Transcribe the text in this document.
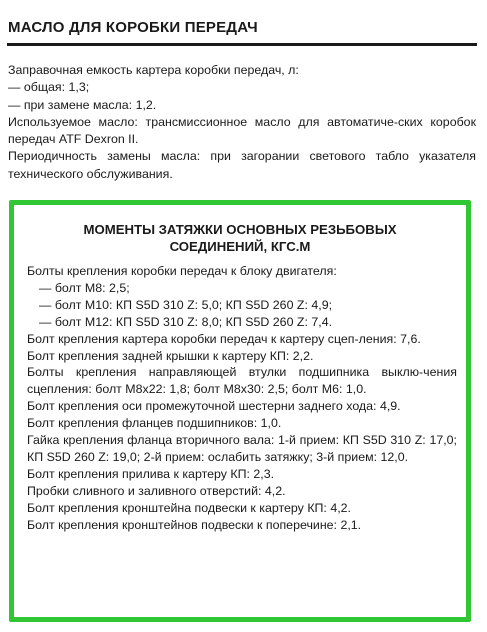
МАСЛО ДЛЯ КОРОБКИ ПЕРЕДАЧ

Заправочная емкость картера коробки передач, л:

— общая: 1,3;

— при замене масла: 1,2.

Используемое масло: трансмиссионное масло для автоматиче-ских коробок передач ATF Dexron II.

Периодичность замены масла: при загорании светового табло указателя технического обслуживания.

МОМЕНТЫ ЗАТЯЖКИ ОСНОВНЫХ РЕЗЬБОВЫХ
СОЕДИНЕНИЙ, КГС.М

Болты крепления коробки передач к блоку двигателя:

— болт M8: 2,5;

— болт M10: КП S5D 310 Z: 5,0; КП S5D 260 Z: 4,9;

— болт M12: КП S5D 310 Z: 8,0; КП S5D 260 Z: 7,4.

Болт крепления картера коробки передач к картеру сцеп-ления: 7,6.

Болт крепления задней крышки к картеру КП: 2,2.

Болты крепления направляющей втулки подшипника выклю-чения сцепления: болт M8x22: 1,8; болт M8x30: 2,5; болт M6: 1,0.

Болт крепления оси промежуточной шестерни заднего хода: 4,9.

Болт крепления фланцев подшипников: 1,0.

Гайка крепления фланца вторичного вала: 1-й прием: КП S5D 310 Z: 17,0; КП S5D 260 Z: 19,0; 2-й прием: ослабить затяжку; 3-й прием: 12,0.

Болт крепления прилива к картеру КП: 2,3.

Пробки сливного и заливного отверстий: 4,2.

Болт крепления кронштейна подвески к картеру КП: 4,2.

Болт крепления кронштейнов подвески к поперечине: 2,1.
